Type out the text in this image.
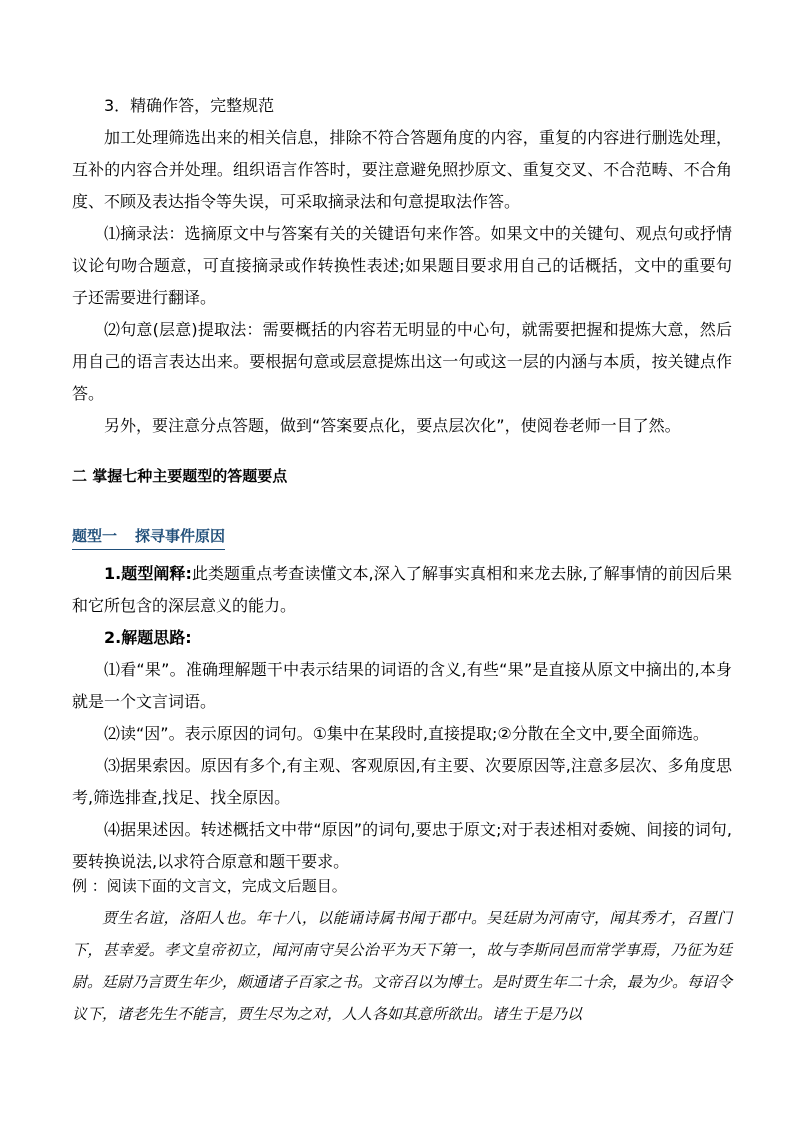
3．精确作答，完整规范

加工处理筛选出来的相关信息，排除不符合答题角度的内容，重复的内容进行删选处理，互补的内容合并处理。组织语言作答时，要注意避免照抄原文、重复交叉、不合范畴、不合角度、不顾及表达指令等失误，可采取摘录法和句意提取法作答。

⑴摘录法：选摘原文中与答案有关的关键语句来作答。如果文中的关键句、观点句或抒情议论句吻合题意，可直接摘录或作转换性表述;如果题目要求用自己的话概括，文中的重要句子还需要进行翻译。

⑵句意(层意)提取法：需要概括的内容若无明显的中心句，就需要把握和提炼大意，然后用自己的语言表达出来。要根据句意或层意提炼出这一句或这一层的内涵与本质，按关键点作答。

另外，要注意分点答题，做到“答案要点化，要点层次化”，使阅卷老师一目了然。

二 掌握七种主要题型的答题要点

题型一 探寻事件原因

1.题型阐释:此类题重点考查读懂文本,深入了解事实真相和来龙去脉,了解事情的前因后果和它所包含的深层意义的能力。

2.解题思路:

⑴看“果”。准确理解题干中表示结果的词语的含义,有些“果”是直接从原文中摘出的,本身就是一个文言词语。

⑵读“因”。表示原因的词句。①集中在某段时,直接提取;②分散在全文中,要全面筛选。

⑶据果索因。原因有多个,有主观、客观原因,有主要、次要原因等,注意多层次、多角度思考,筛选排查,找足、找全原因。

⑷据果述因。转述概括文中带“原因”的词句,要忠于原文;对于表述相对委婉、间接的词句,要转换说法,以求符合原意和题干要求。

例 ：阅读下面的文言文，完成文后题目。

贾生名谊，洛阳人也。年十八，以能诵诗属书闻于郡中。吴廷尉为河南守，闻其秀才，召置门下，甚幸爱。孝文皇帝初立，闻河南守吴公治平为天下第一，故与李斯同邑而常学事焉，乃征为廷尉。廷尉乃言贾生年少，颇通诸子百家之书。文帝召以为博士。是时贾生年二十余，最为少。每诏令议下，诸老先生不能言，贾生尽为之对，人人各如其意所欲出。诸生于是乃以
